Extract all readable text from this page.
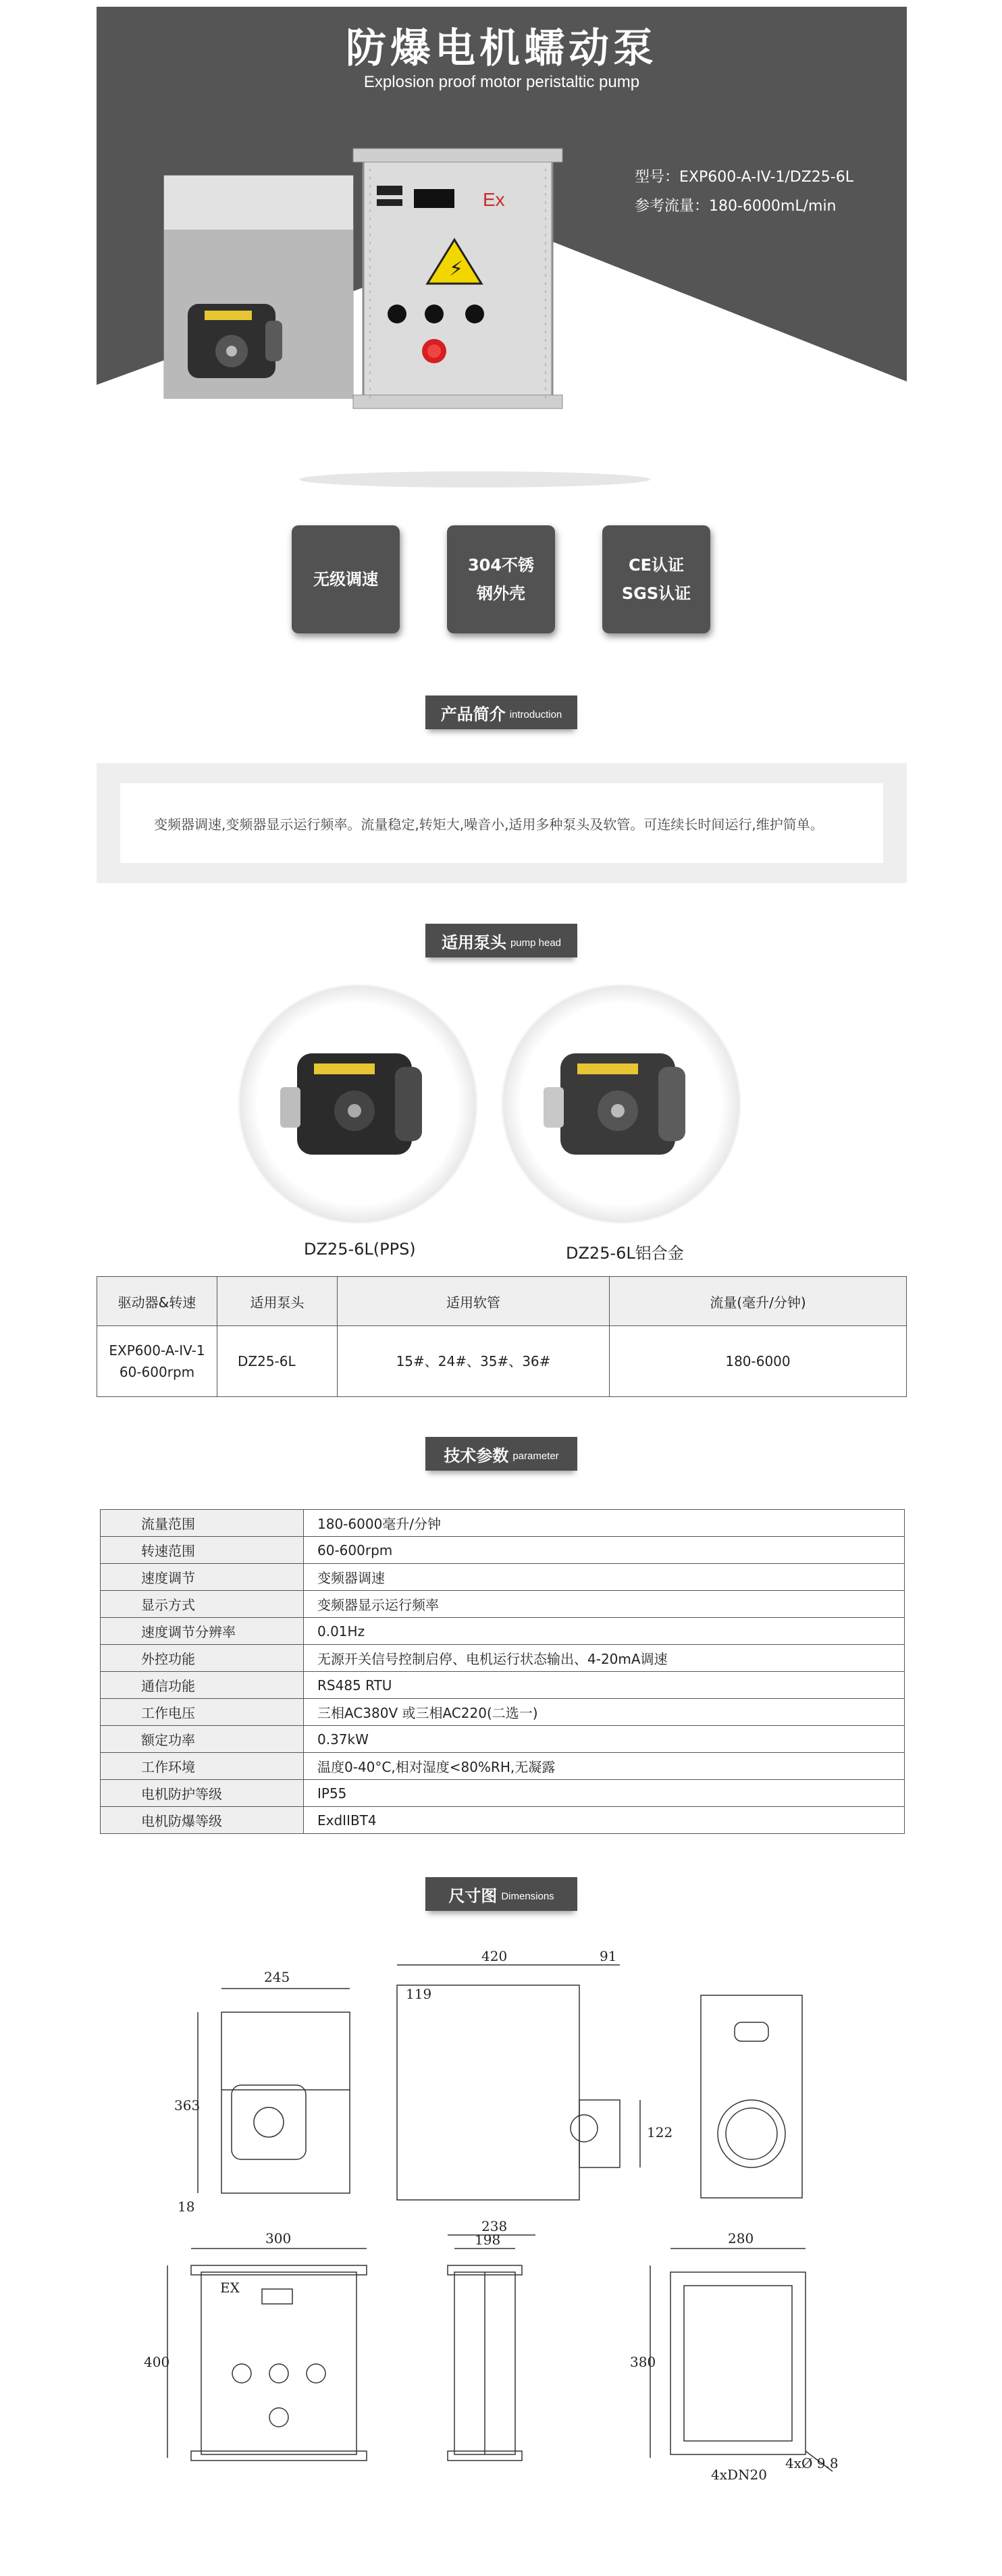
防爆电机蠕动泵
Explosion proof motor peristaltic pump
型号：EXP600-A-IV-1/DZ25-6L
参考流量：180-6000mL/min
Ex
⚡
无级调速
304不锈
钢外壳
CE认证
SGS认证
产品简介 introduction
变频器调速,变频器显示运行频率。流量稳定,转矩大,噪音小,适用多种泵头及软管。可连续长时间运行,维护简单。
适用泵头 pump head
DZ25-6L(PPS)	DZ25-6L铝合金
驱动器&转速	适用泵头	适用软管	流量(毫升/分钟)

EXP600-A-IV-1
60-600rpm	DZ25-6L	15#、24#、35#、36#	180-6000
技术参数 parameter
流量范围	180-6000毫升/分钟
转速范围	60-600rpm
速度调节	变频器调速
显示方式	变频器显示运行频率
速度调节分辨率	0.01Hz
外控功能	无源开关信号控制启停、电机运行状态输出、4-20mA调速
通信功能	RS485 RTU
工作电压	三相AC380V 或三相AC220(二选一)
额定功率	0.37kW
工作环境	温度0-40°C,相对湿度<80%RH,无凝露
电机防护等级	IP55
电机防爆等级	ExdIIBT4
尺寸图 Dimensions
245
363
18
420	91
119
122
300
400
238
198	280
380
4xØ 9.8
4xDN20
EX
